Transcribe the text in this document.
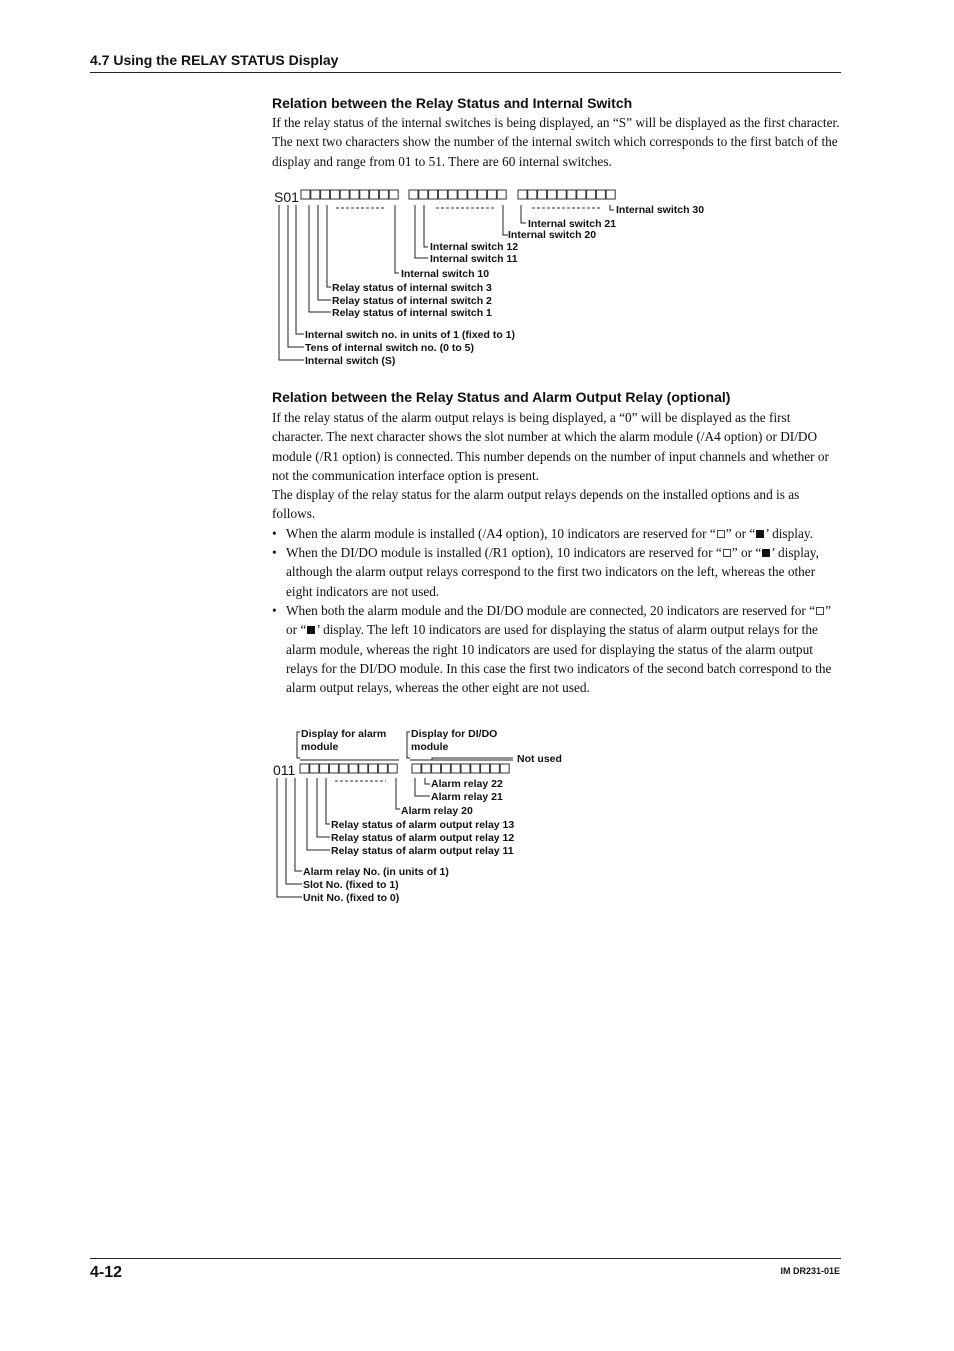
4.7 Using the RELAY STATUS Display
Relation between the Relay Status and Internal Switch

If the relay status of the internal switches is being displayed, an “S” will be displayed as the first character. The next two characters show the number of the internal switch which corresponds to the first batch of the display and range from 01 to 51. There are 60 internal switches.

S01
Internal switch 30
Internal switch 21
Internal switch 20
Internal switch 12
Internal switch 11
Internal switch 10
Relay status of internal switch 3
Relay status of internal switch 2
Relay status of internal switch 1
Internal switch no. in units of 1 (fixed to 1)
Tens of internal switch no. (0 to 5)
Internal switch (S)
Relation between the Relay Status and Alarm Output Relay (optional)

If the relay status of the alarm output relays is being displayed, a “0” will be displayed as the first character. The next character shows the slot number at which the alarm module (/A4 option) or DI/DO module (/R1 option) is connected. This number depends on the number of input channels and whether or not the communication interface option is present.

The display of the relay status for the alarm output relays depends on the installed options and is as follows.

• When the alarm module is installed (/A4 option), 10 indicators are reserved for “ ” or “ ’ display.
• When the DI/DO module is installed (/R1 option), 10 indicators are reserved for “ ” or “ ’ display, although the alarm output relays correspond to the first two indicators on the left, whereas the other eight indicators are not used.
• When both the alarm module and the DI/DO module are connected, 20 indicators are reserved for “ ” or “ ’ display. The left 10 indicators are used for displaying the status of alarm output relays for the alarm module, whereas the right 10 indicators are used for displaying the status of the alarm output relays for the DI/DO module. In this case the first two indicators of the second batch correspond to the alarm output relays, whereas the other eight are not used.
Display for alarm
module
Display for DI/DO
module
Not used
011
Alarm relay 22
Alarm relay 21
Alarm relay 20
Relay status of alarm output relay 13
Relay status of alarm output relay 12
Relay status of alarm output relay 11
Alarm relay No. (in units of 1)
Slot No. (fixed to 1)
Unit No. (fixed to 0)
4-12	IM DR231-01E
